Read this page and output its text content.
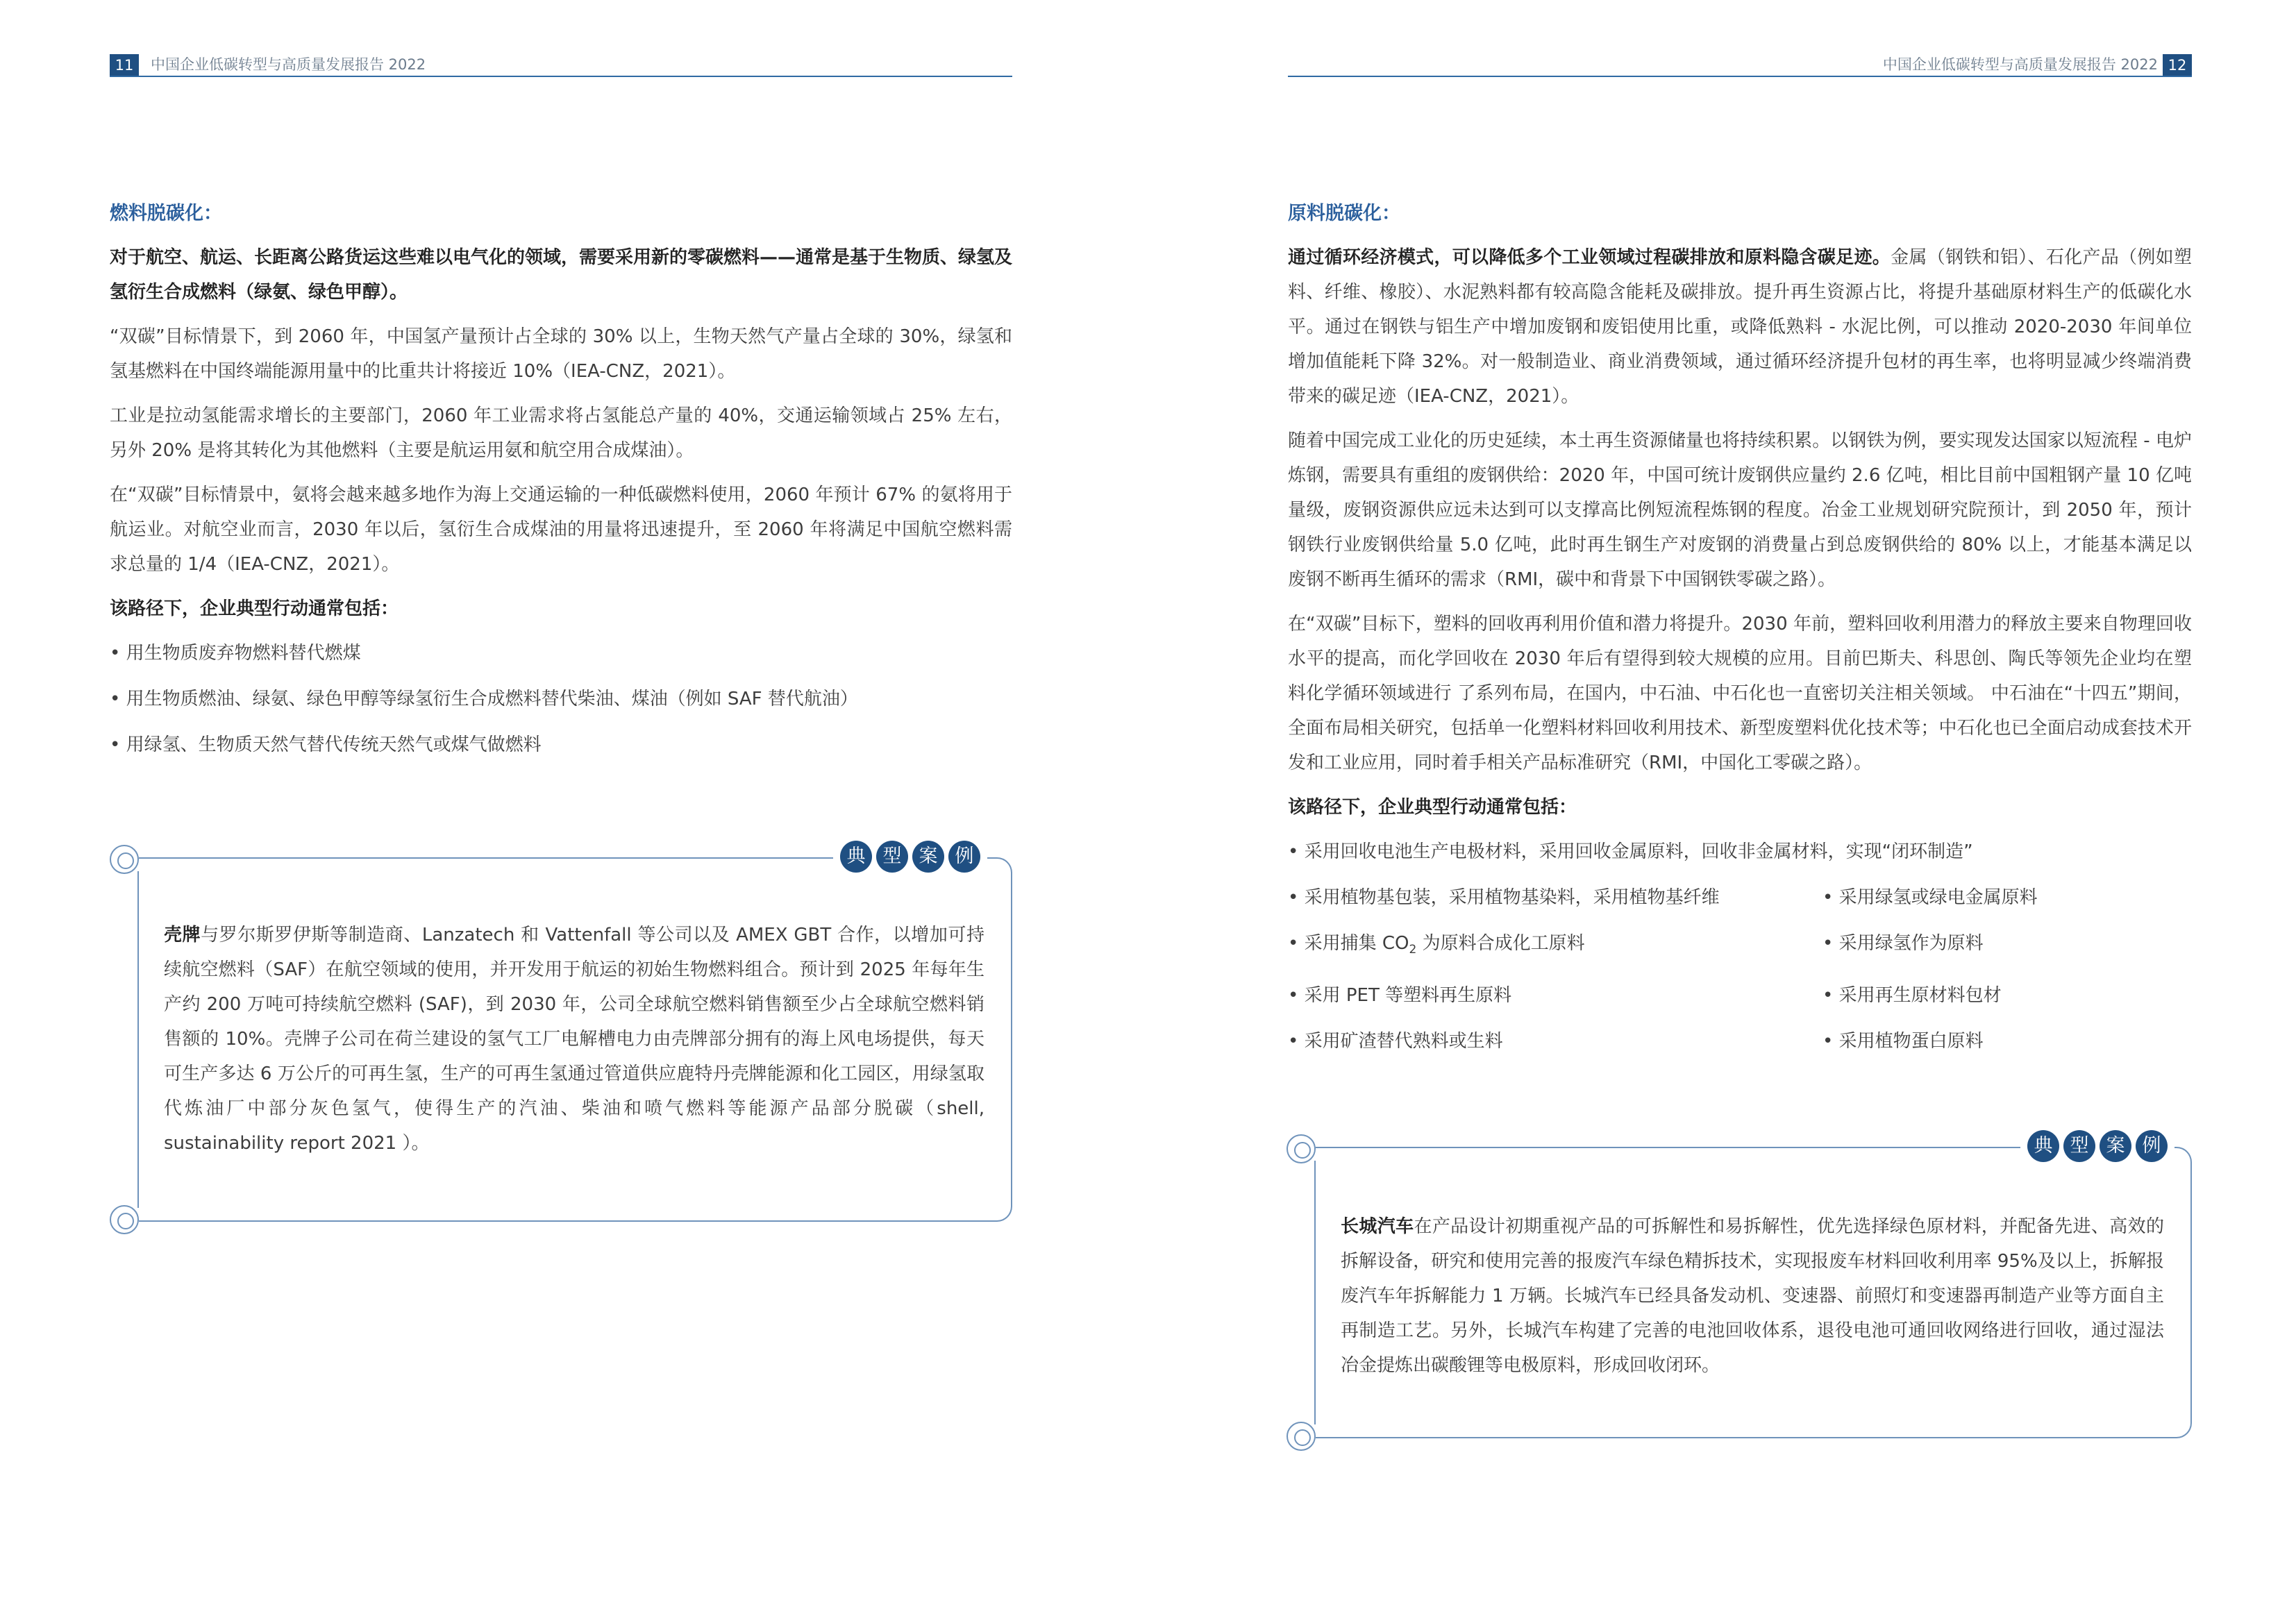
11	中国企业低碳转型与高质量发展报告 2022	中国企业低碳转型与高质量发展报告 2022 12
燃料脱碳化：

对于航空、航运、长距离公路货运这些难以电气化的领域，需要采用新的零碳燃料——通常是基于生物质、绿氢及氢衍生合成燃料（绿氨、绿色甲醇）。

“双碳”目标情景下，到 2060 年，中国氢产量预计占全球的 30% 以上，生物天然气产量占全球的 30%，绿氢和氢基燃料在中国终端能源用量中的比重共计将接近 10%（IEA-CNZ，2021）。

工业是拉动氢能需求增长的主要部门，2060 年工业需求将占氢能总产量的 40%，交通运输领域占 25% 左右，另外 20% 是将其转化为其他燃料（主要是航运用氨和航空用合成煤油）。

在“双碳”目标情景中，氨将会越来越多地作为海上交通运输的一种低碳燃料使用，2060 年预计 67% 的氨将用于航运业。对航空业而言，2030 年以后，氢衍生合成煤油的用量将迅速提升，至 2060 年将满足中国航空燃料需求总量的 1/4（IEA-CNZ，2021）。

该路径下，企业典型行动通常包括：
• 用生物质废弃物燃料替代燃煤
• 用生物质燃油、绿氨、绿色甲醇等绿氢衍生合成燃料替代柴油、煤油（例如 SAF 替代航油）
• 用绿氢、生物质天然气替代传统天然气或煤气做燃料
典 型 案 例
壳牌与罗尔斯罗伊斯等制造商、Lanzatech 和 Vattenfall 等公司以及 AMEX GBT 合作，以增加可持续航空燃料（SAF）在航空领域的使用，并开发用于航运的初始生物燃料组合。预计到 2025 年每年生产约 200 万吨可持续航空燃料 (SAF)，到 2030 年，公司全球航空燃料销售额至少占全球航空燃料销售额的 10%。壳牌子公司在荷兰建设的氢气工厂电解槽电力由壳牌部分拥有的海上风电场提供，每天可生产多达 6 万公斤的可再生氢，生产的可再生氢通过管道供应鹿特丹壳牌能源和化工园区，用绿氢取代炼油厂中部分灰色氢气，使得生产的汽油、柴油和喷气燃料等能源产品部分脱碳（shell, sustainability report 2021 ）。
原料脱碳化：

通过循环经济模式，可以降低多个工业领域过程碳排放和原料隐含碳足迹。金属（钢铁和铝）、石化产品（例如塑料、纤维、橡胶）、水泥熟料都有较高隐含能耗及碳排放。提升再生资源占比，将提升基础原材料生产的低碳化水平。通过在钢铁与铝生产中增加废钢和废铝使用比重，或降低熟料 - 水泥比例，可以推动 2020-2030 年间单位增加值能耗下降 32%。对一般制造业、商业消费领域，通过循环经济提升包材的再生率，也将明显减少终端消费带来的碳足迹（IEA-CNZ，2021）。

随着中国完成工业化的历史延续，本土再生资源储量也将持续积累。以钢铁为例，要实现发达国家以短流程 - 电炉炼钢，需要具有重组的废钢供给：2020 年，中国可统计废钢供应量约 2.6 亿吨，相比目前中国粗钢产量 10 亿吨量级，废钢资源供应远未达到可以支撑高比例短流程炼钢的程度。冶金工业规划研究院预计，到 2050 年，预计钢铁行业废钢供给量 5.0 亿吨，此时再生钢生产对废钢的消费量占到总废钢供给的 80% 以上，才能基本满足以废钢不断再生循环的需求（RMI，碳中和背景下中国钢铁零碳之路）。

在“双碳”目标下，塑料的回收再利用价值和潜力将提升。2030 年前，塑料回收利用潜力的释放主要来自物理回收水平的提高，而化学回收在 2030 年后有望得到较大规模的应用。目前巴斯夫、科思创、陶氏等领先企业均在塑料化学循环领域进行 了系列布局，在国内，中石油、中石化也一直密切关注相关领域。 中石油在“十四五”期间，全面布局相关研究，包括单一化塑料材料回收利用技术、新型废塑料优化技术等；中石化也已全面启动成套技术开发和工业应用，同时着手相关产品标准研究（RMI，中国化工零碳之路）。

该路径下，企业典型行动通常包括：
• 采用回收电池生产电极材料，采用回收金属原料，回收非金属材料，实现“闭环制造”
• 采用植物基包装，采用植物基染料，采用植物基纤维	• 采用绿氢或绿电金属原料
• 采用捕集 $CO_2$ 为原料合成化工原料	• 采用绿氢作为原料
• 采用 PET 等塑料再生原料	• 采用再生原材料包材
• 采用矿渣替代熟料或生料	• 采用植物蛋白原料
典 型 案 例
长城汽车在产品设计初期重视产品的可拆解性和易拆解性，优先选择绿色原材料，并配备先进、高效的拆解设备，研究和使用完善的报废汽车绿色精拆技术，实现报废车材料回收利用率 95%及以上，拆解报废汽车年拆解能力 1 万辆。长城汽车已经具备发动机、变速器、前照灯和变速器再制造产业等方面自主再制造工艺。另外，长城汽车构建了完善的电池回收体系，退役电池可通回收网络进行回收，通过湿法冶金提炼出碳酸锂等电极原料，形成回收闭环。
